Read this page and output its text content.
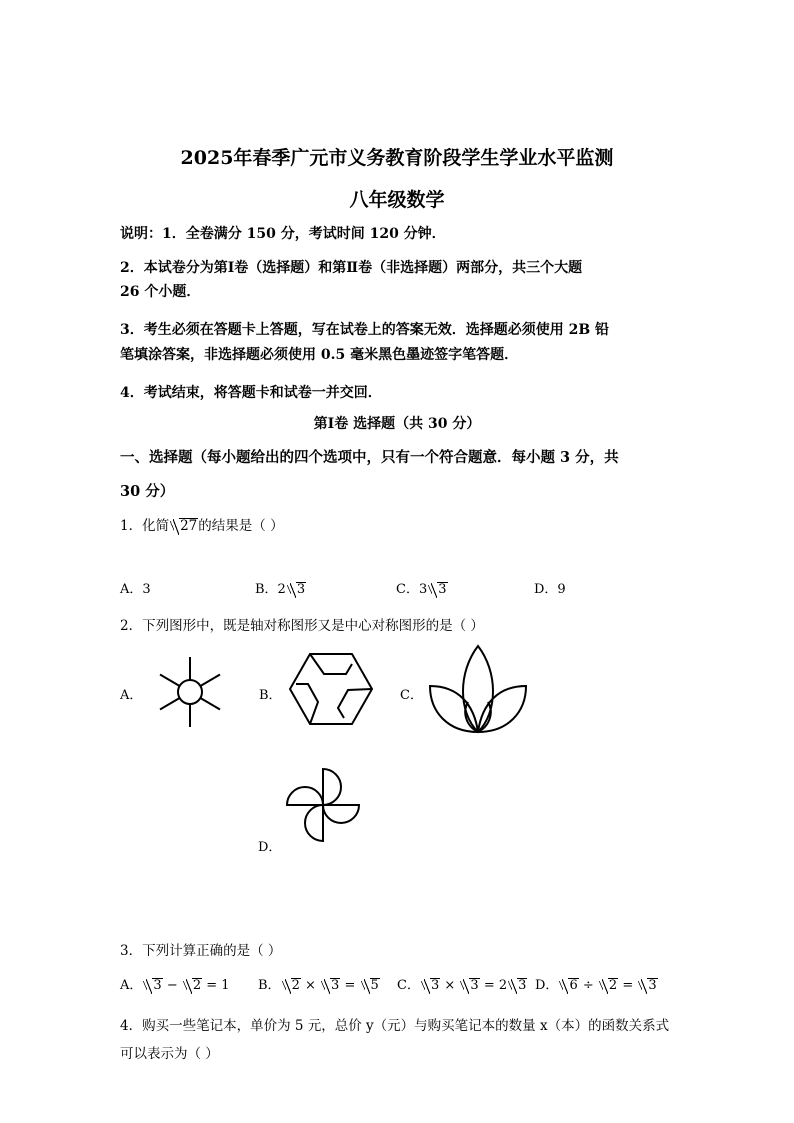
2025年春季广元市义务教育阶段学生学业水平监测
八年级数学
说明：1．全卷满分 150 分，考试时间 120 分钟．
2．本试卷分为第Ⅰ卷（选择题）和第Ⅱ卷（非选择题）两部分，共三个大题
26 个小题．
3．考生必须在答题卡上答题，写在试卷上的答案无效．选择题必须使用 2B 铅
笔填涂答案，非选择题必须使用 0.5 毫米黑色墨迹签字笔答题．
4．考试结束，将答题卡和试卷一并交回．
第Ⅰ卷 选择题（共 30 分）
一、选择题（每小题给出的四个选项中，只有一个符合题意．每小题 3 分，共
30 分）
1．化简 27的结果是（ ）
A．3	B．2 3	C．3 3	D．9
2．下列图形中，既是轴对称图形又是中心对称图形的是（ ）
A．	B．	C．
D．
3．下列计算正确的是（ ）
A． 3 − 2 = 1 B． 2 × 3 = 5 C． 3 × 3 = 2 3 D． 6 ÷ 2 = 3
4．购买一些笔记本，单价为 5 元，总价 y（元）与购买笔记本的数量 x（本）的函数关系式
可以表示为（ ）
